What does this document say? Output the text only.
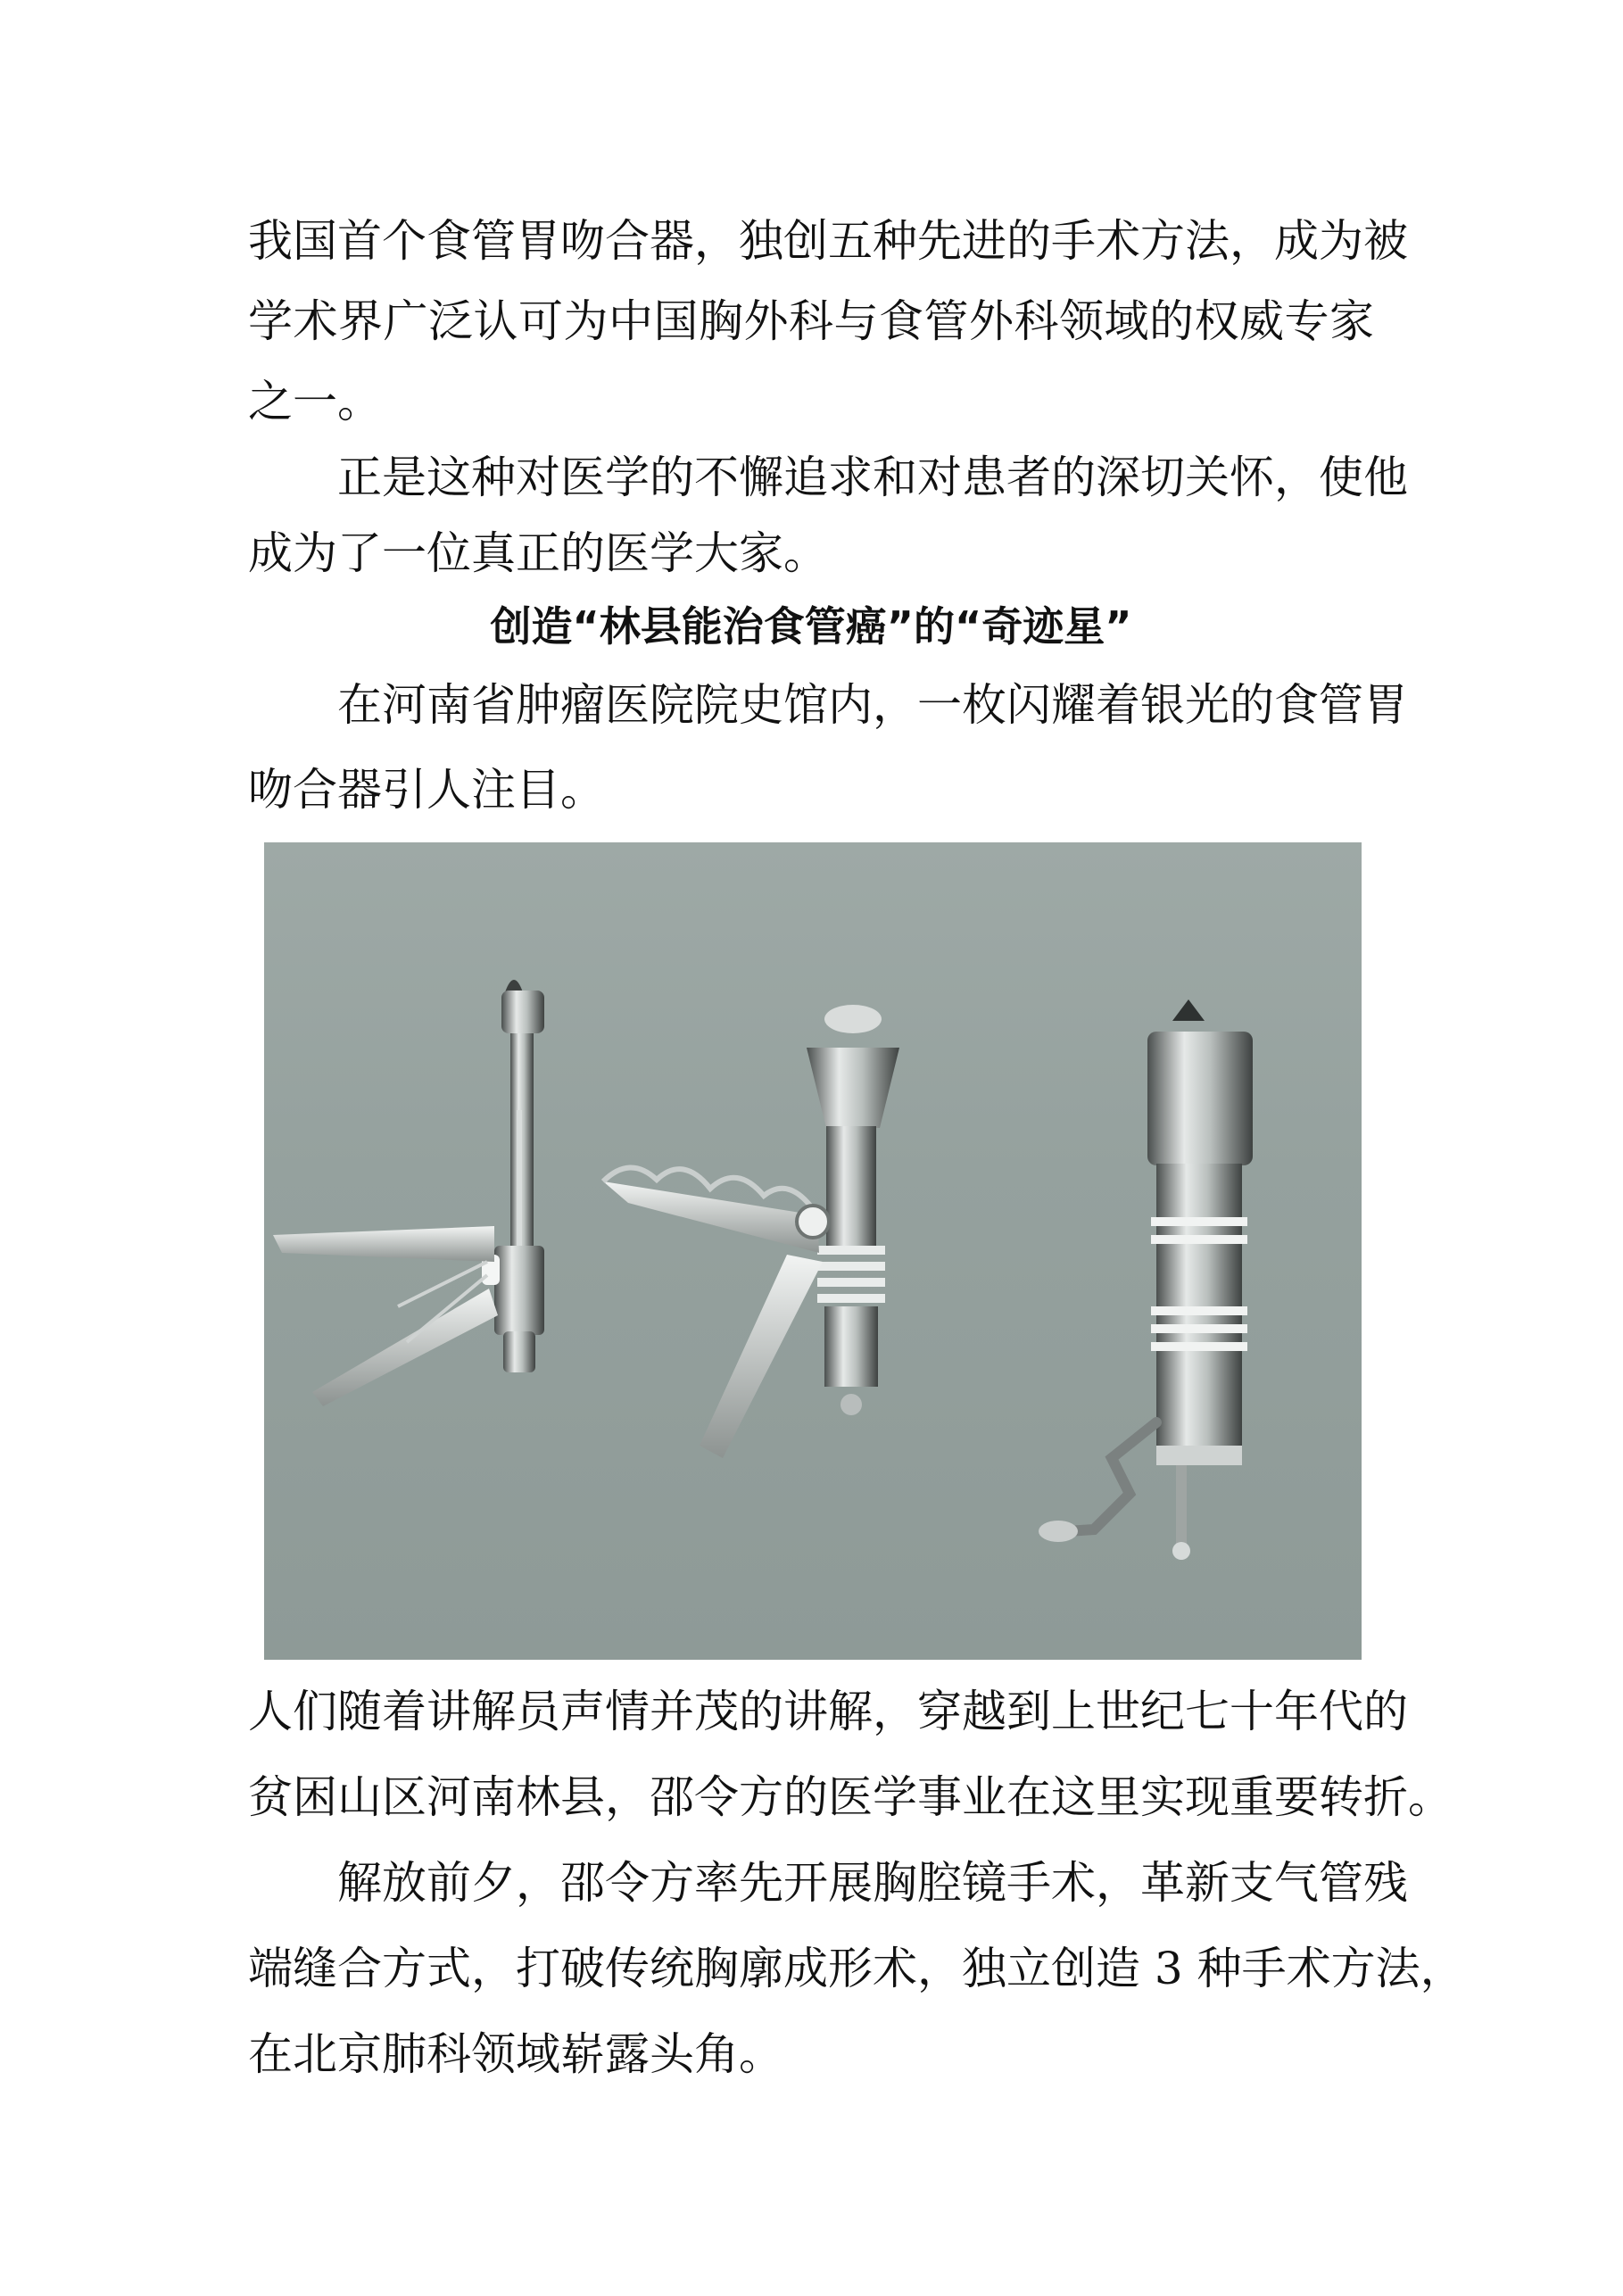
我国首个食管胃吻合器，独创五种先进的手术方法，成为被

学术界广泛认可为中国胸外科与食管外科领域的权威专家

之一。

正是这种对医学的不懈追求和对患者的深切关怀，使他

成为了一位真正的医学大家。

创造“林县能治食管癌”的“奇迹星”

在河南省肿瘤医院院史馆内，一枚闪耀着银光的食管胃

吻合器引人注目。

人们随着讲解员声情并茂的讲解，穿越到上世纪七十年代的

贫困山区河南林县，邵令方的医学事业在这里实现重要转折。

解放前夕，邵令方率先开展胸腔镜手术，革新支气管残

端缝合方式，打破传统胸廓成形术，独立创造 3 种手术方法，

在北京肺科领域崭露头角。
